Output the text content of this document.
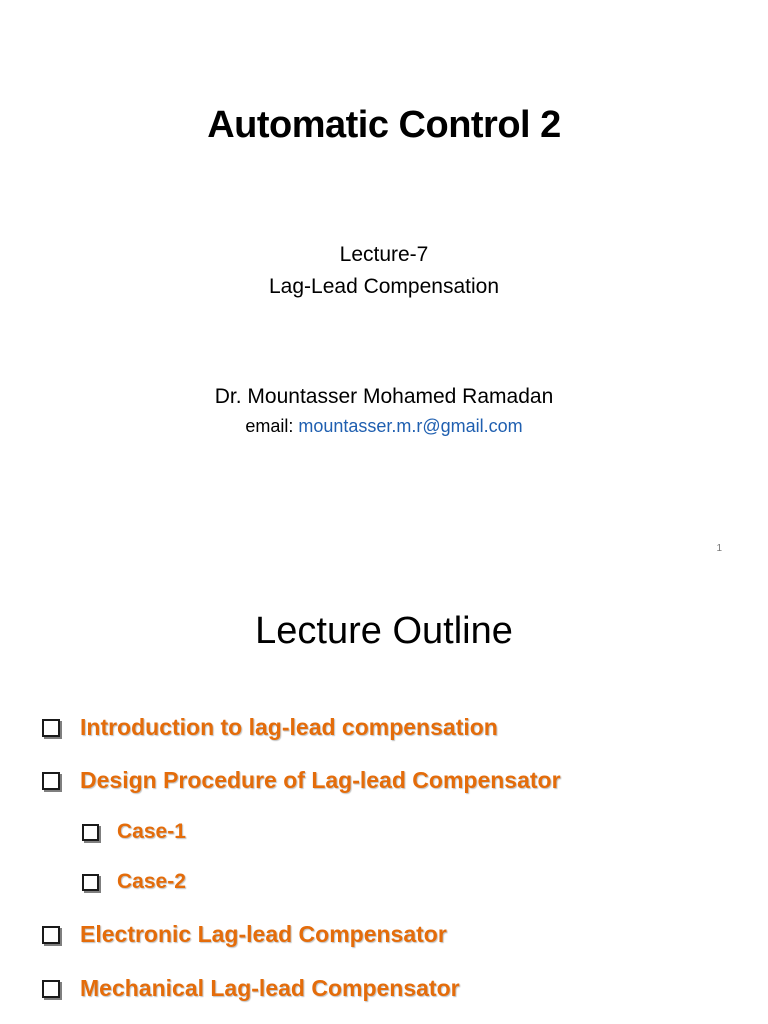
Automatic Control 2
Lecture-7
Lag-Lead Compensation
Dr. Mountasser Mohamed Ramadan
email: mountasser.m.r@gmail.com
1
Lecture Outline
Introduction to lag-lead compensation
Design Procedure of Lag-lead Compensator
Case-1
Case-2
Electronic Lag-lead Compensator
Mechanical Lag-lead Compensator
